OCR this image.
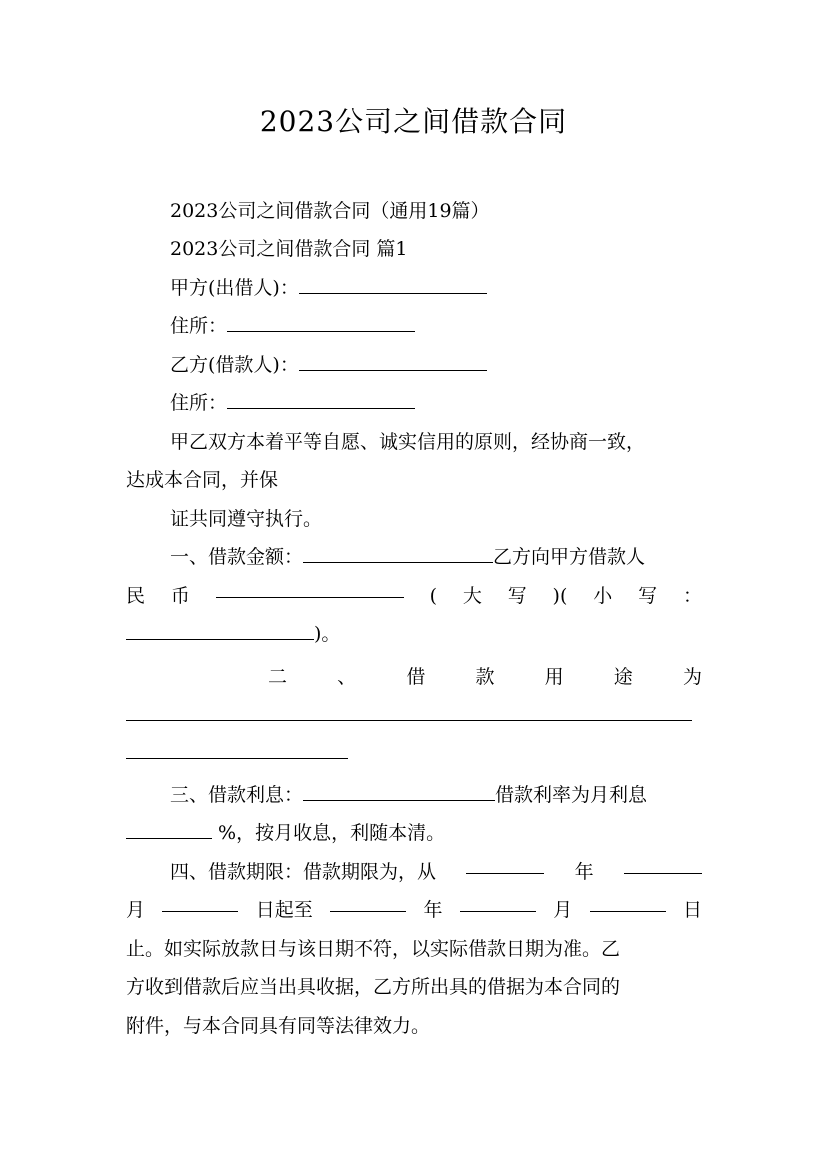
2023公司之间借款合同
2023公司之间借款合同（通用19篇）
2023公司之间借款合同 篇1
甲方(出借人)：
住所：
乙方(借款人)：
住所：
甲乙双方本着平等自愿、诚实信用的原则，经协商一致，
达成本合同，并保
证共同遵守执行。
一、借款金额：	乙方向甲方借款人
民 币	( 大 写 )( 小 写 ：
)。
二	、	借	款	用	途	为
三、借款利息：	借款利率为月利息
%，按月收息，利随本清。
四、借款期限：借款期限为，从	年
月	日起至	年	月	日
止。如实际放款日与该日期不符，以实际借款日期为准。乙
方收到借款后应当出具收据，乙方所出具的借据为本合同的
附件，与本合同具有同等法律效力。
